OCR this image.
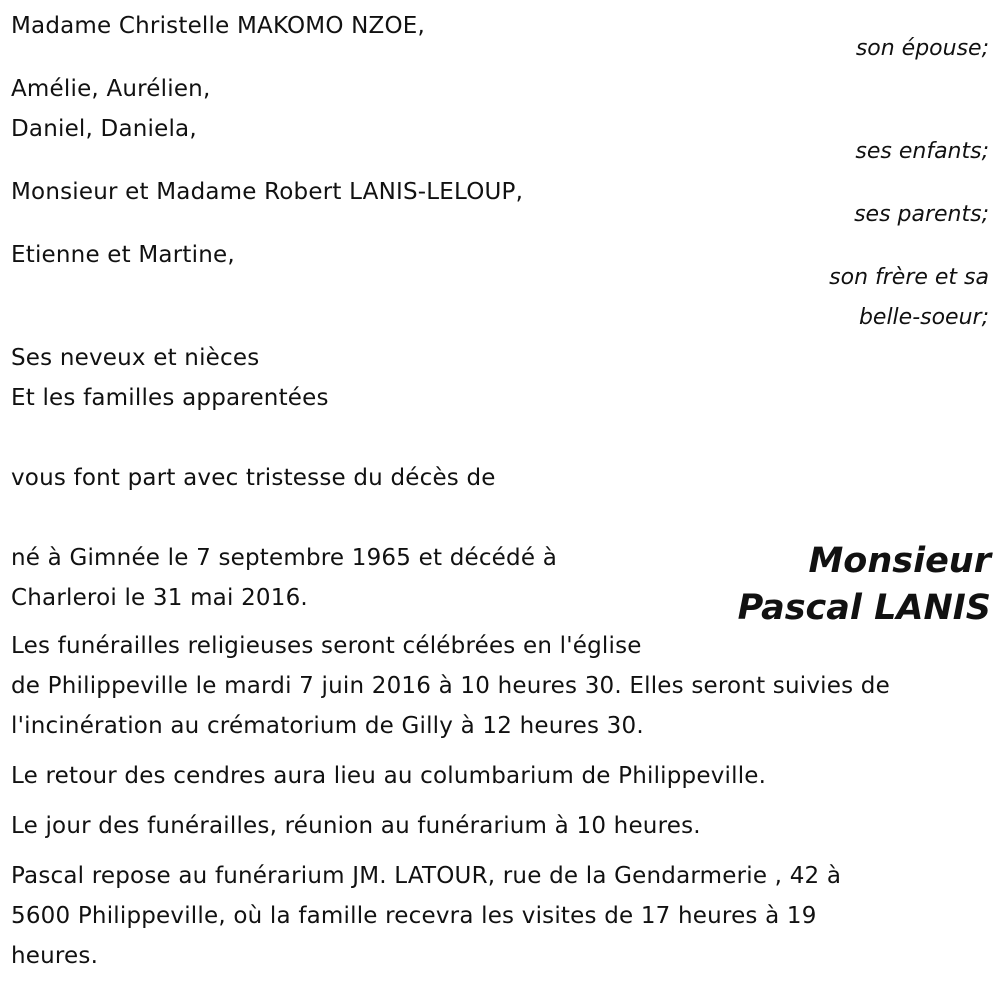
Madame Christelle MAKOMO NZOE,
son épouse;
Amélie, Aurélien,
Daniel, Daniela,
ses enfants;
Monsieur et Madame Robert LANIS-LELOUP,
ses parents;
Etienne et Martine,
son frère et sa
belle-soeur;
Ses neveux et nièces
Et les familles apparentées
vous font part avec tristesse du décès de
Monsieur
Pascal LANIS
né à Gimnée le 7 septembre 1965 et décédé à
Charleroi le 31 mai 2016.
Les funérailles religieuses seront célébrées en l'église
de Philippeville le mardi 7 juin 2016 à 10 heures 30. Elles seront suivies de
l'incinération au crématorium de Gilly à 12 heures 30.
Le retour des cendres aura lieu au columbarium de Philippeville.
Le jour des funérailles, réunion au funérarium à 10 heures.
Pascal repose au funérarium JM. LATOUR, rue de la Gendarmerie , 42 à
5600 Philippeville, où la famille recevra les visites de 17 heures à 19
heures.
